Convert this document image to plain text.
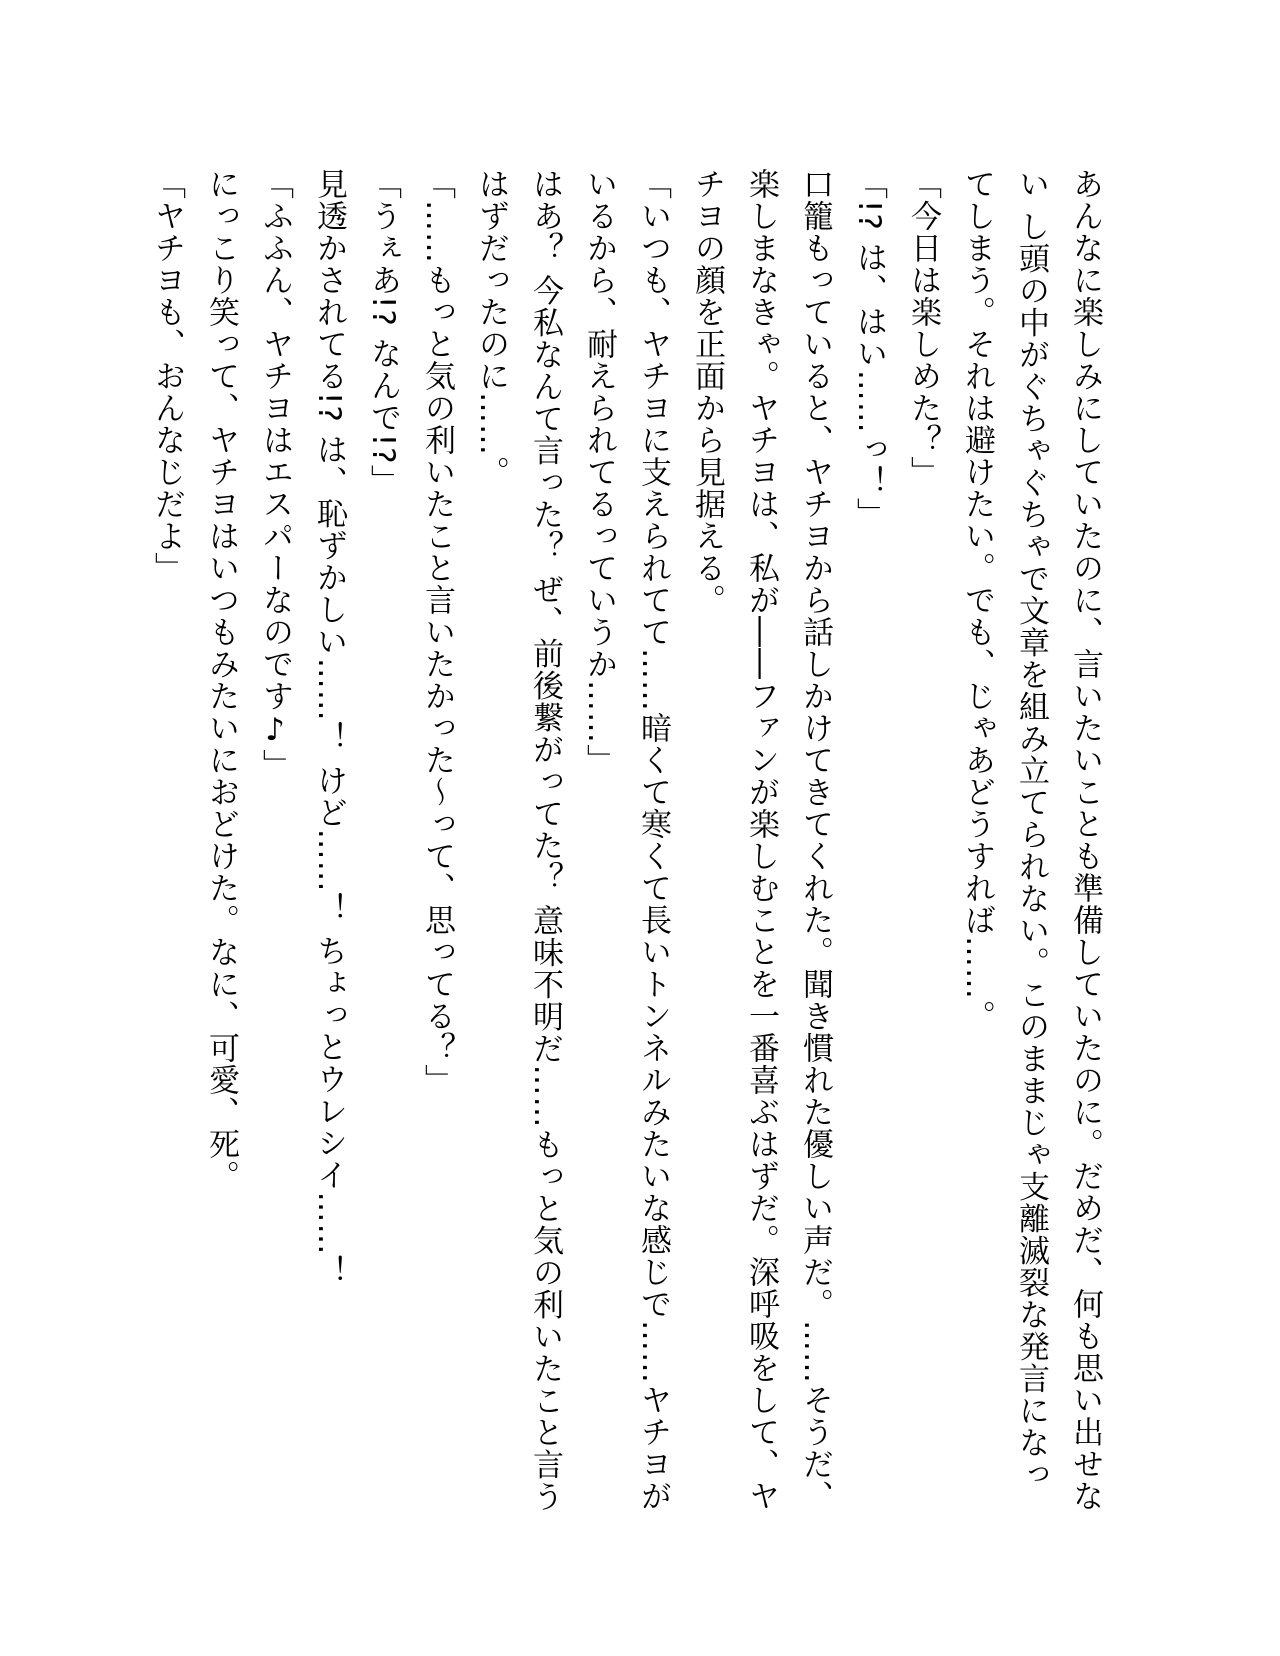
あんなに楽しみにしていたのに、言いたいことも準備していたのに。だめだ、何も思い出せない し頭の中がぐちゃぐちゃで文章を組み立てられない。このままじゃ支離滅裂な発言になってしまう。それは避けたい。でも、じゃあどうすれば……。

「今日は楽しめた？」

「!? は、はい……っ！」

口籠もっていると、ヤチヨから話しかけてきてくれた。聞き慣れた優しい声だ。……そうだ、楽しまなきゃ。ヤチヨは、私が――ファンが楽しむことを一番喜ぶはずだ。深呼吸をして、ヤチヨの顔を正面から見据える。

「いつも、ヤチヨに支えられてて……暗くて寒くて長いトンネルみたいな感じで……ヤチヨがいるから、耐えられてるっていうか……」

はあ？ 今私なんて言った？ ぜ、前後繋がってた？ 意味不明だ……もっと気の利いたこと言うはずだったのに……。

「……もっと気の利いたこと言いたかった～って、思ってる？」

「うぇあ!? なんで!?」

見透かされてる!? は、恥ずかしい……！ けど……！ ちょっとウレシイ……！

「ふふん、ヤチヨはエスパーなのです♪」

にっこり笑って、ヤチヨはいつもみたいにおどけた。なに、可愛、死。

「ヤチヨも、おんなじだよ」
